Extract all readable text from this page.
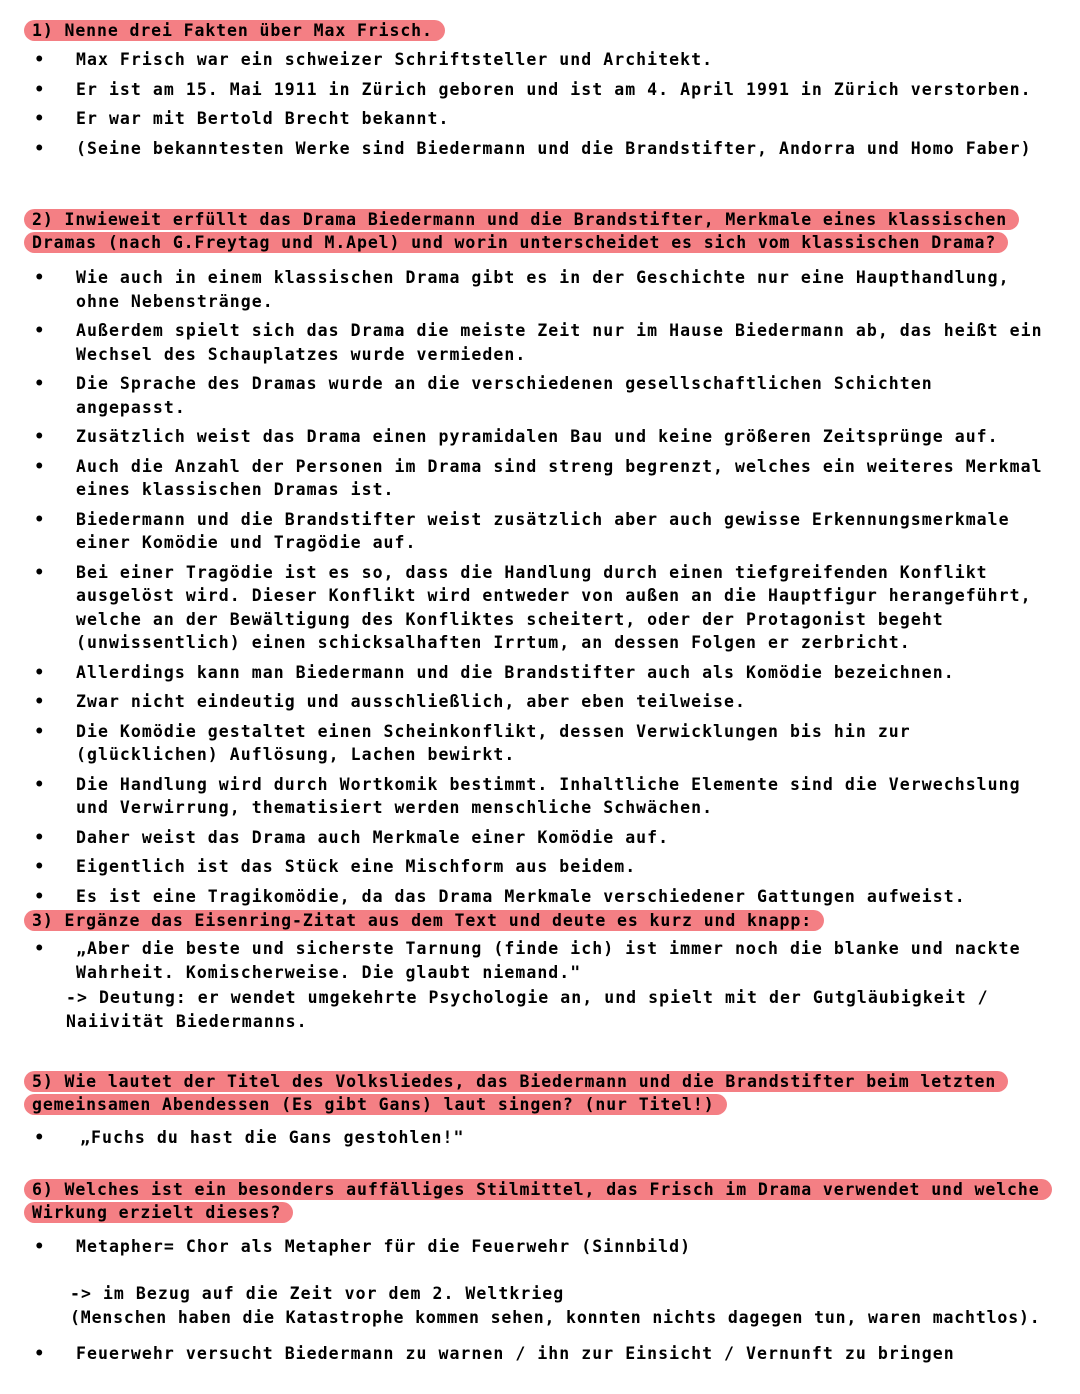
1) Nenne drei Fakten über Max Frisch.
• Max Frisch war ein schweizer Schriftsteller und Architekt.
• Er ist am 15. Mai 1911 in Zürich geboren und ist am 4. April 1991 in Zürich verstorben.
• Er war mit Bertold Brecht bekannt.
• (Seine bekanntesten Werke sind Biedermann und die Brandstifter, Andorra und Homo Faber)
2) Inwieweit erfüllt das Drama Biedermann und die Brandstifter, Merkmale eines klassischen
Dramas (nach G.Freytag und M.Apel) und worin unterscheidet es sich vom klassischen Drama?
• Wie auch in einem klassischen Drama gibt es in der Geschichte nur eine Haupthandlung, ohne Nebenstränge.
• Außerdem spielt sich das Drama die meiste Zeit nur im Hause Biedermann ab, das heißt ein Wechsel des Schauplatzes wurde vermieden.
• Die Sprache des Dramas wurde an die verschiedenen gesellschaftlichen Schichten angepasst.
• Zusätzlich weist das Drama einen pyramidalen Bau und keine größeren Zeitsprünge auf.
• Auch die Anzahl der Personen im Drama sind streng begrenzt, welches ein weiteres Merkmal eines klassischen Dramas ist.
• Biedermann und die Brandstifter weist zusätzlich aber auch gewisse Erkennungsmerkmale einer Komödie und Tragödie auf.
• Bei einer Tragödie ist es so, dass die Handlung durch einen tiefgreifenden Konflikt ausgelöst wird. Dieser Konflikt wird entweder von außen an die Hauptfigur herangeführt, welche an der Bewältigung des Konfliktes scheitert, oder der Protagonist begeht (unwissentlich) einen schicksalhaften Irrtum, an dessen Folgen er zerbricht.
• Allerdings kann man Biedermann und die Brandstifter auch als Komödie bezeichnen.
• Zwar nicht eindeutig und ausschließlich, aber eben teilweise.
• Die Komödie gestaltet einen Scheinkonflikt, dessen Verwicklungen bis hin zur (glücklichen) Auflösung, Lachen bewirkt.
• Die Handlung wird durch Wortkomik bestimmt. Inhaltliche Elemente sind die Verwechslung und Verwirrung, thematisiert werden menschliche Schwächen.
• Daher weist das Drama auch Merkmale einer Komödie auf.
• Eigentlich ist das Stück eine Mischform aus beidem.
• Es ist eine Tragikomödie, da das Drama Merkmale verschiedener Gattungen aufweist.
3) Ergänze das Eisenring-Zitat aus dem Text und deute es kurz und knapp:
• „Aber die beste und sicherste Tarnung (finde ich) ist immer noch die blanke und nackte Wahrheit. Komischerweise. Die glaubt niemand."
-> Deutung: er wendet umgekehrte Psychologie an, und spielt mit der Gutgläubigkeit /
Naiivität Biedermanns.
5) Wie lautet der Titel des Volksliedes, das Biedermann und die Brandstifter beim letzten
gemeinsamen Abendessen (Es gibt Gans) laut singen? (nur Titel!)
• „Fuchs du hast die Gans gestohlen!"
6) Welches ist ein besonders auffälliges Stilmittel, das Frisch im Drama verwendet und welche
Wirkung erzielt dieses?
• Metapher= Chor als Metapher für die Feuerwehr (Sinnbild)
-> im Bezug auf die Zeit vor dem 2. Weltkrieg
(Menschen haben die Katastrophe kommen sehen, konnten nichts dagegen tun, waren machtlos).
• Feuerwehr versucht Biedermann zu warnen / ihn zur Einsicht / Vernunft zu bringen
